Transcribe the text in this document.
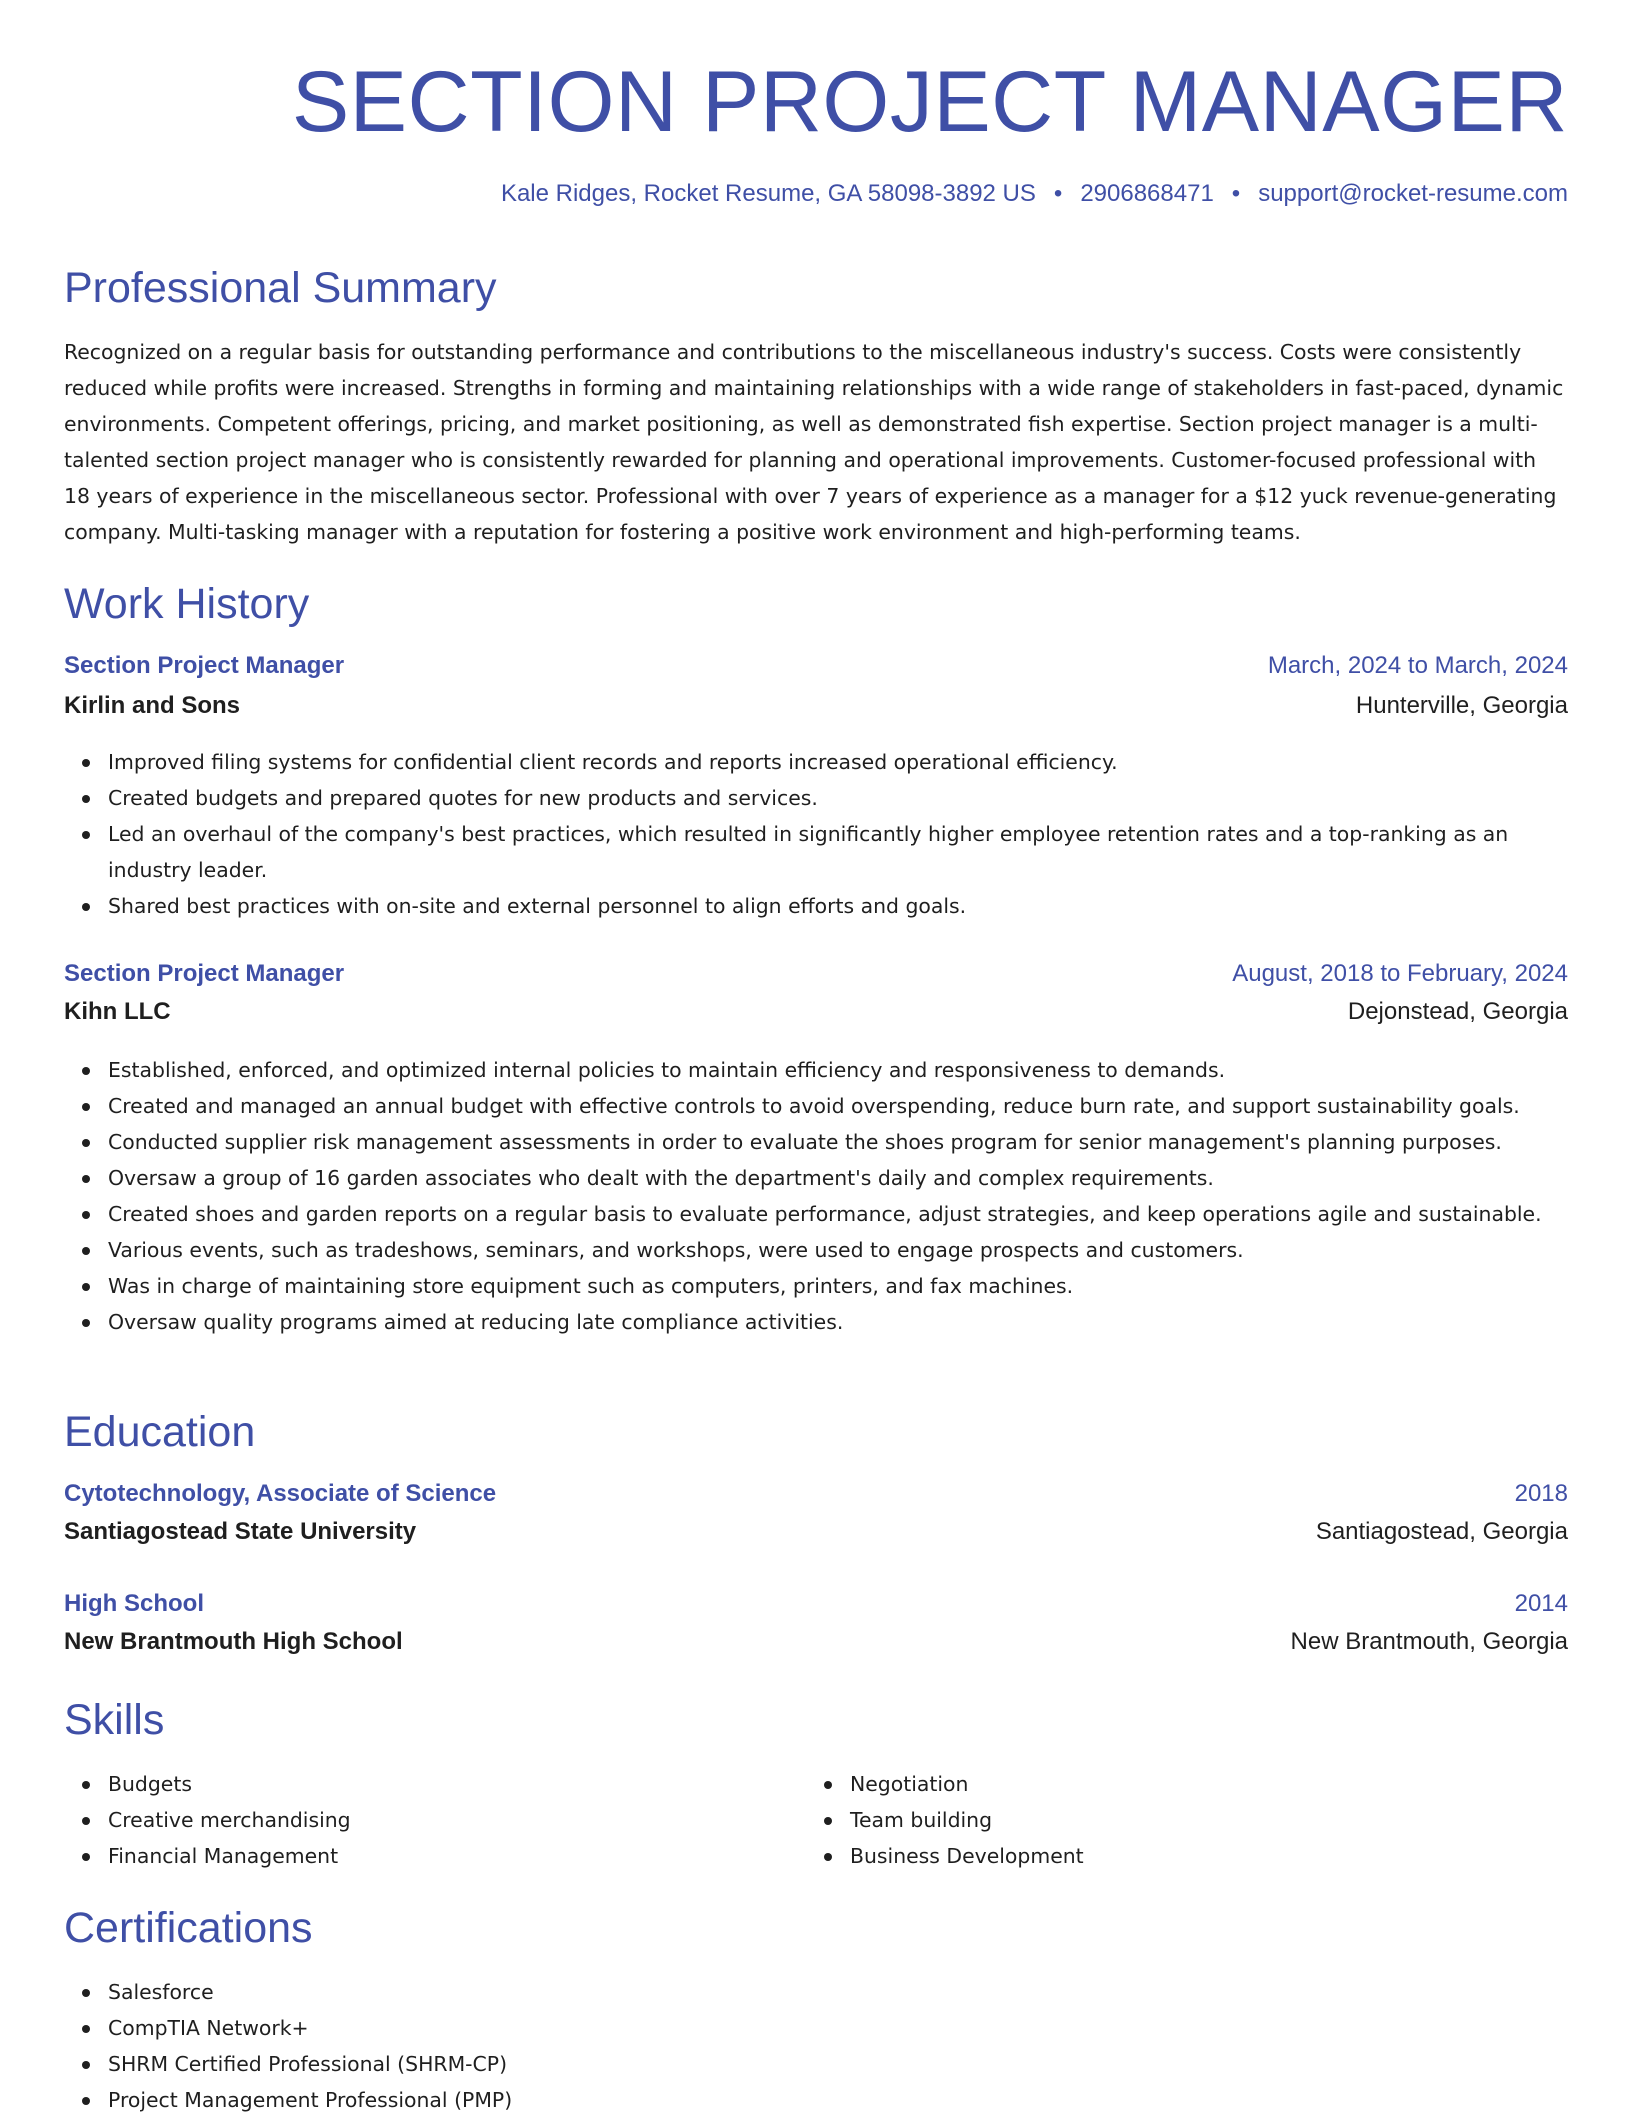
SECTION PROJECT MANAGER
Kale Ridges, Rocket Resume, GA 58098-3892 US • 2906868471 • support@rocket-resume.com
Professional Summary

Recognized on a regular basis for outstanding performance and contributions to the miscellaneous industry's success. Costs were consistently reduced while profits were increased. Strengths in forming and maintaining relationships with a wide range of stakeholders in fast-paced, dynamic environments. Competent offerings, pricing, and market positioning, as well as demonstrated fish expertise. Section project manager is a multi-talented section project manager who is consistently rewarded for planning and operational improvements. Customer-focused professional with 18 years of experience in the miscellaneous sector. Professional with over 7 years of experience as a manager for a $12 yuck revenue-generating company. Multi-tasking manager with a reputation for fostering a positive work environment and high-performing teams.

Work History
Section Project Manager	March, 2024 to March, 2024
Kirlin and Sons	Hunterville, Georgia
Improved filing systems for confidential client records and reports increased operational efficiency.
Created budgets and prepared quotes for new products and services.
Led an overhaul of the company's best practices, which resulted in significantly higher employee retention rates and a top-ranking as an industry leader.
Shared best practices with on-site and external personnel to align efforts and goals.
Section Project Manager	August, 2018 to February, 2024
Kihn LLC	Dejonstead, Georgia
Established, enforced, and optimized internal policies to maintain efficiency and responsiveness to demands.
Created and managed an annual budget with effective controls to avoid overspending, reduce burn rate, and support sustainability goals.
Conducted supplier risk management assessments in order to evaluate the shoes program for senior management's planning purposes.
Oversaw a group of 16 garden associates who dealt with the department's daily and complex requirements.
Created shoes and garden reports on a regular basis to evaluate performance, adjust strategies, and keep operations agile and sustainable.
Various events, such as tradeshows, seminars, and workshops, were used to engage prospects and customers.
Was in charge of maintaining store equipment such as computers, printers, and fax machines.
Oversaw quality programs aimed at reducing late compliance activities.
Education
Cytotechnology, Associate of Science	2018
Santiagostead State University	Santiagostead, Georgia
High School	2014
New Brantmouth High School	New Brantmouth, Georgia
Skills
Budgets	Negotiation
Creative merchandising	Team building
Financial Management	Business Development
Certifications
Salesforce
CompTIA Network+
SHRM Certified Professional (SHRM-CP)
Project Management Professional (PMP)
